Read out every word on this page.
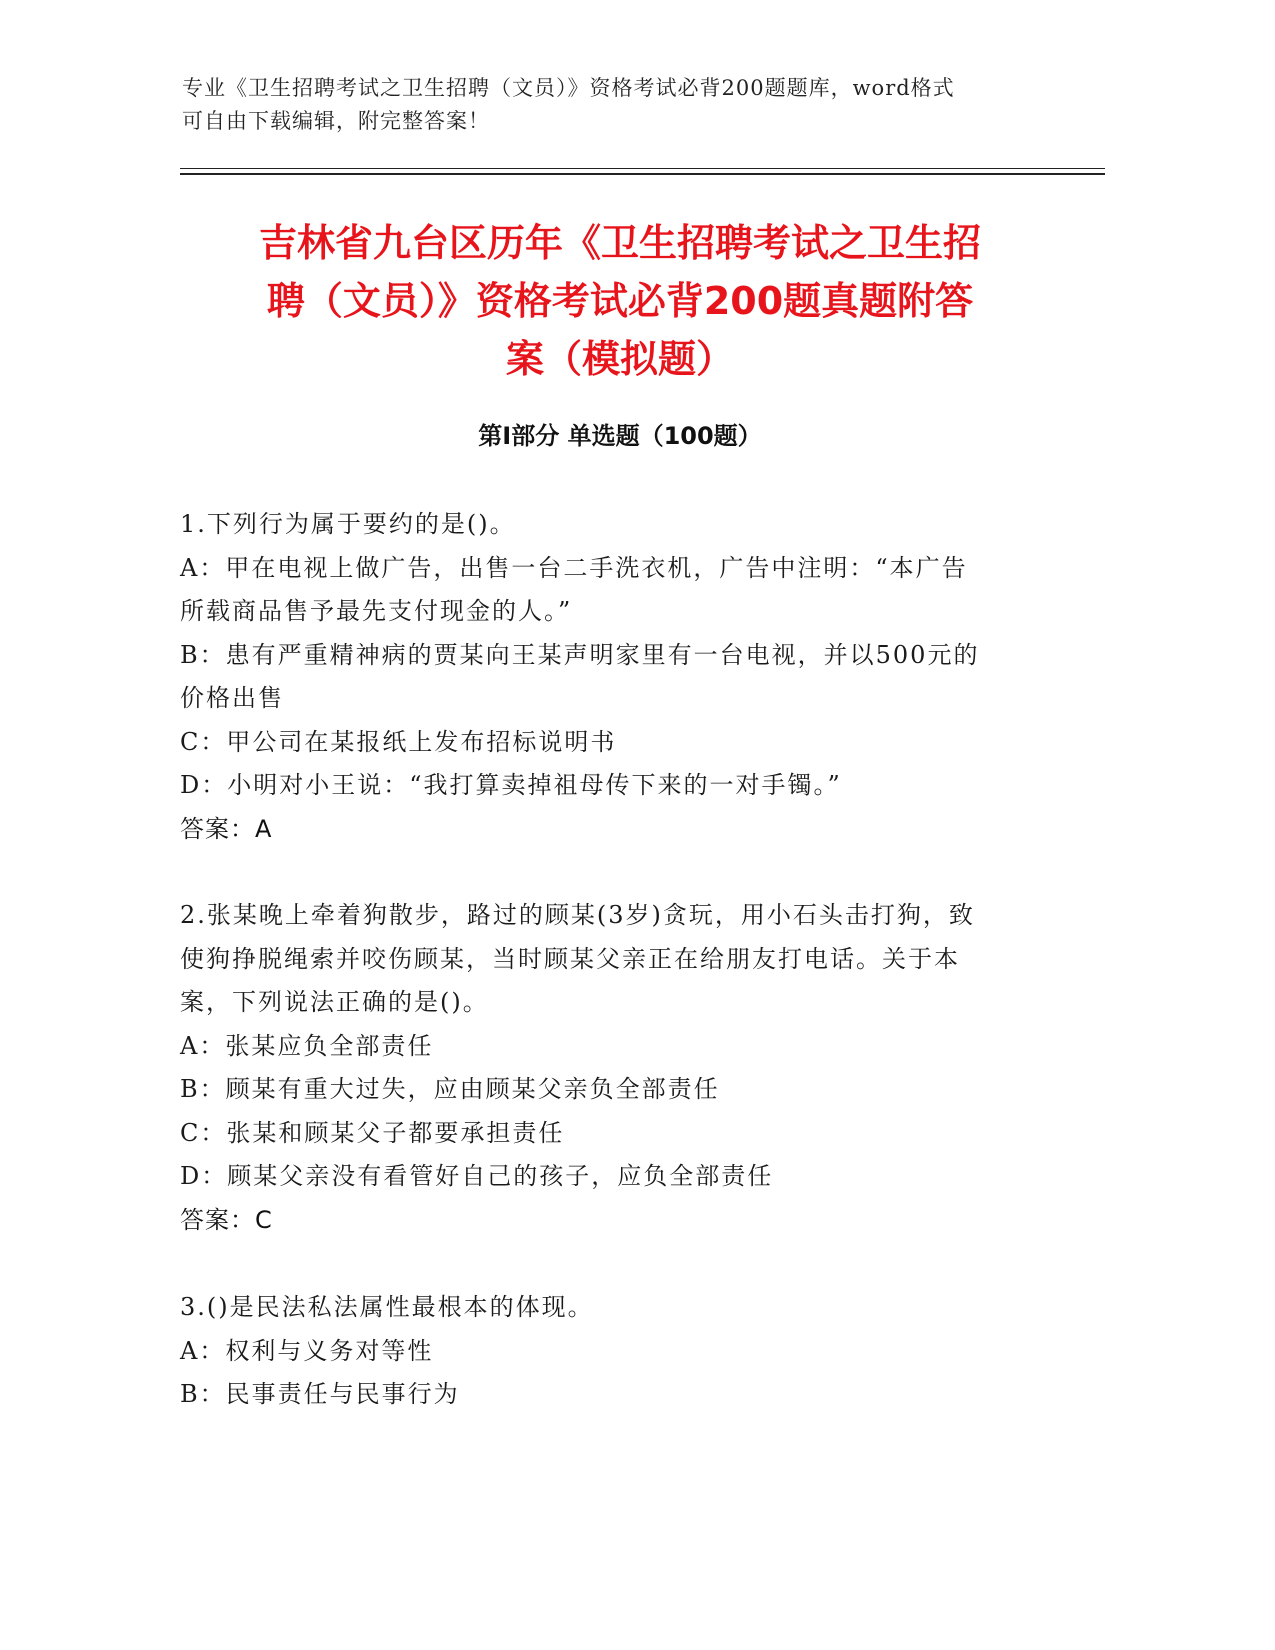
专业《卫生招聘考试之卫生招聘（文员）》资格考试必背200题题库，word格式
可自由下载编辑，附完整答案！
吉林省九台区历年《卫生招聘考试之卫生招
聘（文员）》资格考试必背200题真题附答
案（模拟题）
第Ⅰ部分 单选题（100题）
1.下列行为属于要约的是()。
A：甲在电视上做广告，出售一台二手洗衣机，广告中注明：“本广告
所载商品售予最先支付现金的人。”
B：患有严重精神病的贾某向王某声明家里有一台电视，并以500元的
价格出售
C：甲公司在某报纸上发布招标说明书
D：小明对小王说：“我打算卖掉祖母传下来的一对手镯。”
答案：A
2.张某晚上牵着狗散步，路过的顾某(3岁)贪玩，用小石头击打狗，致
使狗挣脱绳索并咬伤顾某，当时顾某父亲正在给朋友打电话。关于本
案，下列说法正确的是()。
A：张某应负全部责任
B：顾某有重大过失，应由顾某父亲负全部责任
C：张某和顾某父子都要承担责任
D：顾某父亲没有看管好自己的孩子，应负全部责任
答案：C
3.()是民法私法属性最根本的体现。
A：权利与义务对等性
B：民事责任与民事行为
